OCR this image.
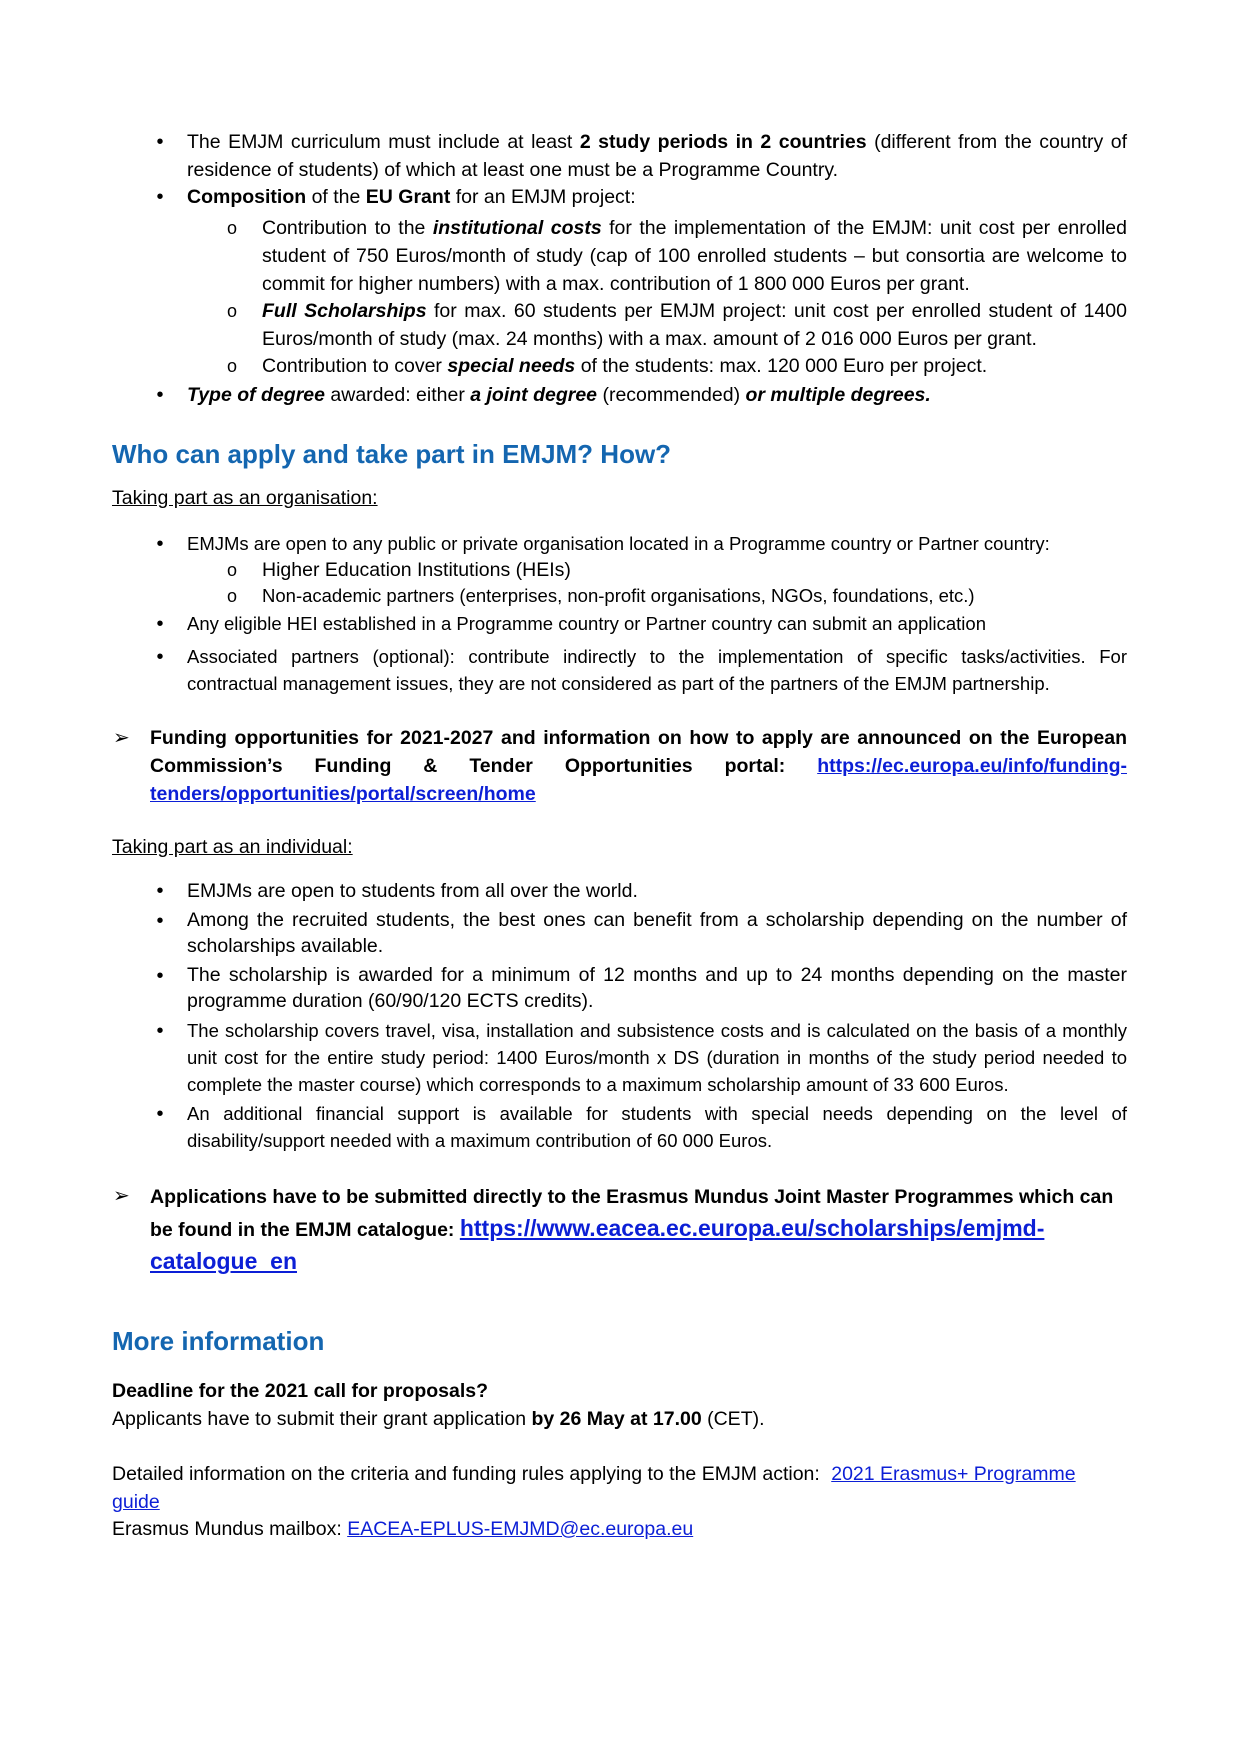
•	The EMJM curriculum must include at least 2 study periods in 2 countries (different from the country of residence of students) of which at least one must be a Programme Country.
•	Composition of the EU Grant for an EMJM project:
o Contribution to the institutional costs for the implementation of the EMJM: unit cost per enrolled student of 750 Euros/month of study (cap of 100 enrolled students – but consortia are welcome to commit for higher numbers) with a max. contribution of 1 800 000 Euros per grant.
o Full Scholarships for max. 60 students per EMJM project: unit cost per enrolled student of 1400 Euros/month of study (max. 24 months) with a max. amount of 2 016 000 Euros per grant.
o Contribution to cover special needs of the students: max. 120 000 Euro per project.
•	Type of degree awarded: either a joint degree (recommended) or multiple degrees.
Who can apply and take part in EMJM? How?
Taking part as an organisation:
•	EMJMs are open to any public or private organisation located in a Programme country or Partner country:
o Higher Education Institutions (HEIs)
o Non-academic partners (enterprises, non-profit organisations, NGOs, foundations, etc.)
•	Any eligible HEI established in a Programme country or Partner country can submit an application
•	Associated partners (optional): contribute indirectly to the implementation of specific tasks/activities. For contractual management issues, they are not considered as part of the partners of the EMJM partnership.
➢ Funding opportunities for 2021-2027 and information on how to apply are announced on the European Commission’s Funding & Tender Opportunities portal: https://ec.europa.eu/info/funding-tenders/opportunities/portal/screen/home
Taking part as an individual:
•	EMJMs are open to students from all over the world.
•	Among the recruited students, the best ones can benefit from a scholarship depending on the number of scholarships available.
•	The scholarship is awarded for a minimum of 12 months and up to 24 months depending on the master programme duration (60/90/120 ECTS credits).
•	The scholarship covers travel, visa, installation and subsistence costs and is calculated on the basis of a monthly unit cost for the entire study period: 1400 Euros/month x DS (duration in months of the study period needed to complete the master course) which corresponds to a maximum scholarship amount of 33 600 Euros.
•	An additional financial support is available for students with special needs depending on the level of disability/support needed with a maximum contribution of 60 000 Euros.
➢ Applications have to be submitted directly to the Erasmus Mundus Joint Master Programmes which can be found in the EMJM catalogue: https://www.eacea.ec.europa.eu/scholarships/emjmd-catalogue_en
More information
Deadline for the 2021 call for proposals?
Applicants have to submit their grant application by 26 May at 17.00 (CET).
Detailed information on the criteria and funding rules applying to the EMJM action: 2021 Erasmus+ Programme guide
Erasmus Mundus mailbox: EACEA-EPLUS-EMJMD@ec.europa.eu
